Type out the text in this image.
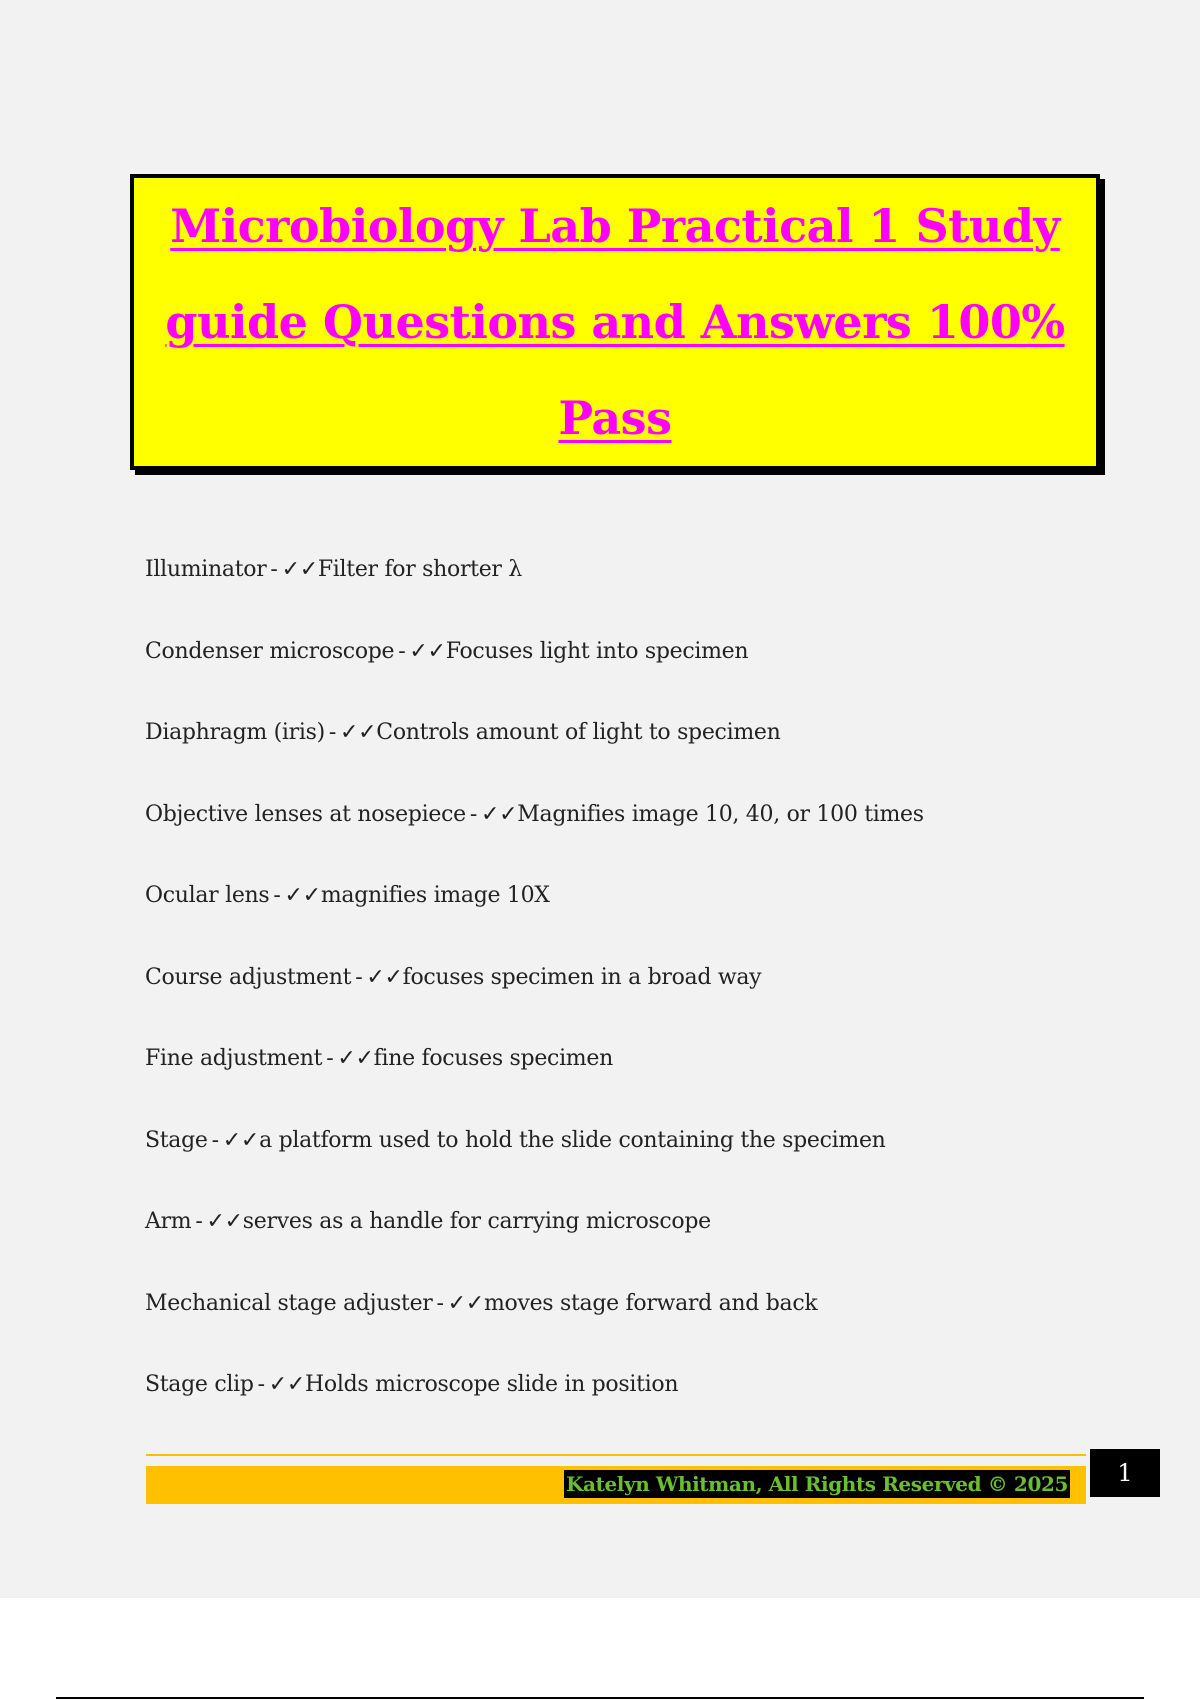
Microbiology Lab Practical 1 Study
guide Questions and Answers 100%
Pass
Illuminator - ✓✓Filter for shorter λ
Condenser microscope - ✓✓Focuses light into specimen
Diaphragm (iris) - ✓✓Controls amount of light to specimen
Objective lenses at nosepiece - ✓✓Magnifies image 10, 40, or 100 times
Ocular lens - ✓✓magnifies image 10X
Course adjustment - ✓✓focuses specimen in a broad way
Fine adjustment - ✓✓fine focuses specimen
Stage - ✓✓a platform used to hold the slide containing the specimen
Arm - ✓✓serves as a handle for carrying microscope
Mechanical stage adjuster - ✓✓moves stage forward and back
Stage clip - ✓✓Holds microscope slide in position
Katelyn Whitman, All Rights Reserved © 2025	1
